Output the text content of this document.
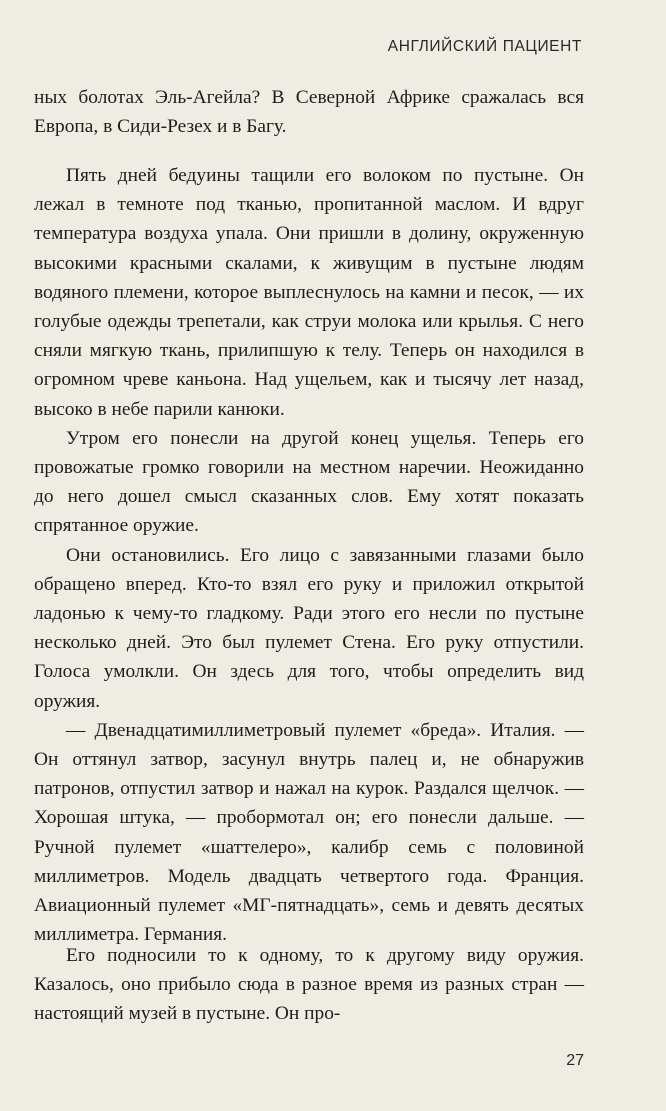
АНГЛИЙСКИЙ ПАЦИЕНТ

ных болотах Эль-Агейла? В Северной Африке сражалась вся Европа, в Сиди-Резех и в Багу.

Пять дней бедуины тащили его волоком по пустыне. Он лежал в темноте под тканью, пропитанной маслом. И вдруг температура воздуха упала. Они пришли в долину, окруженную высокими красными скалами, к живущим в пустыне людям водяного племени, которое выплеснулось на камни и песок, — их голубые одежды трепетали, как струи молока или крылья. С него сняли мягкую ткань, прилипшую к телу. Теперь он находился в огромном чреве каньона. Над ущельем, как и тысячу лет назад, высоко в небе парили канюки.

Утром его понесли на другой конец ущелья. Теперь его провожатые громко говорили на местном наречии. Неожиданно до него дошел смысл сказанных слов. Ему хотят показать спрятанное оружие.

Они остановились. Его лицо с завязанными глазами было обращено вперед. Кто-то взял его руку и приложил открытой ладонью к чему-то гладкому. Ради этого его несли по пустыне несколько дней. Это был пулемет Стена. Его руку отпустили. Голоса умолкли. Он здесь для того, чтобы определить вид оружия.

— Двенадцатимиллиметровый пулемет «бреда». Италия. — Он оттянул затвор, засунул внутрь палец и, не обнаружив патронов, отпустил затвор и нажал на курок. Раздался щелчок. — Хорошая штука, — пробормотал он; его понесли дальше. — Ручной пулемет «шаттелеро», калибр семь с половиной миллиметров. Модель двадцать четвертого года. Франция. Авиационный пулемет «МГ-пятнадцать», семь и девять десятых миллиметра. Германия.

Его подносили то к одному, то к другому виду оружия. Казалось, оно прибыло сюда в разное время из разных стран — настоящий музей в пустыне. Он про-

27
